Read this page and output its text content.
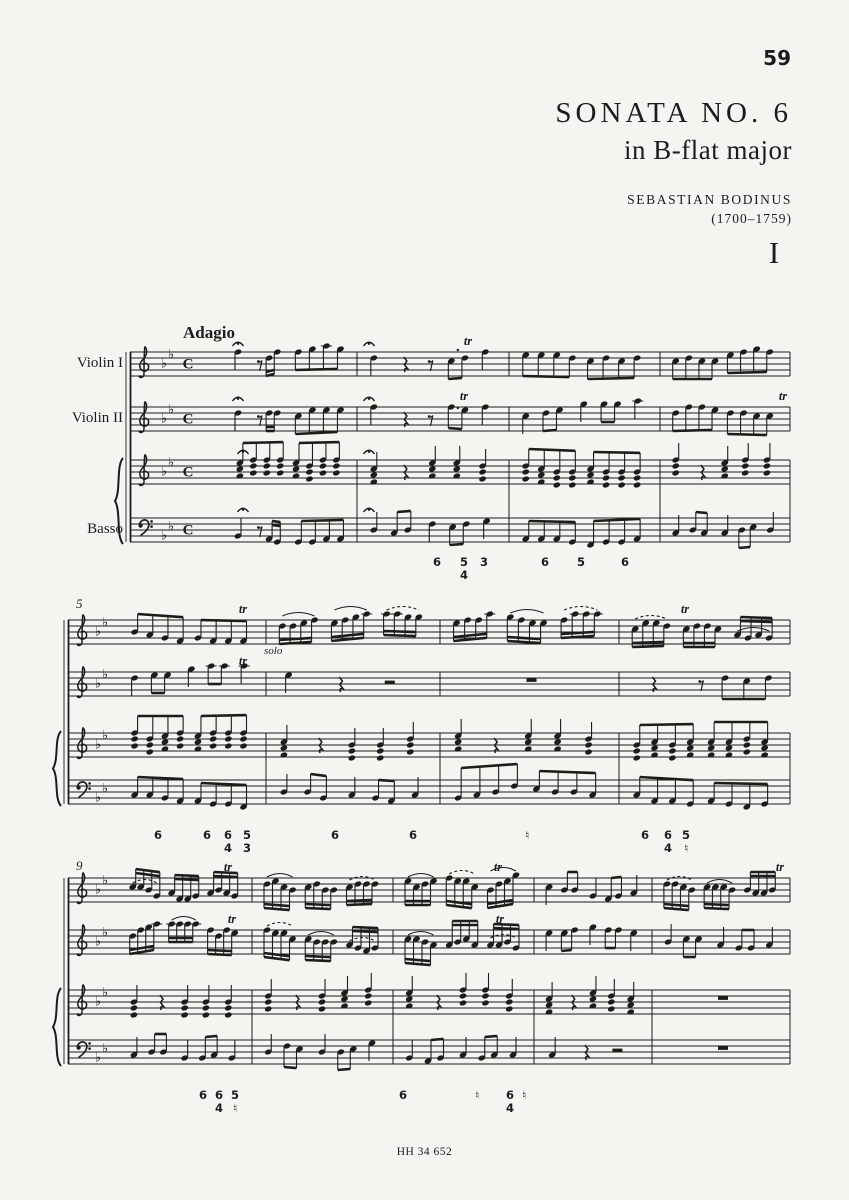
59
SONATA NO. 6
in B-flat major
SEBASTIAN BODINUS
(1700–1759)
I
Adagio
Violin I
Violin II
Basso
5
9
solo
♭
♭
C
♭
♭
C
♭
♭
C
♭
♭ C
tr
tr	tr
6 5
4
3	6 5	6
♭
♭
♭
♭
♭
♭
♭
♭
tr
tr
tr
6	6 6
4
5
3
6	6	♮	6 6
4
5
♮
♭
♭
♭
♭
♭
♭
♭
♭
tr	tr	tr
tr	tr
6 6
4
5
♮
6	♮ 6
4
♮
HH 34 652
